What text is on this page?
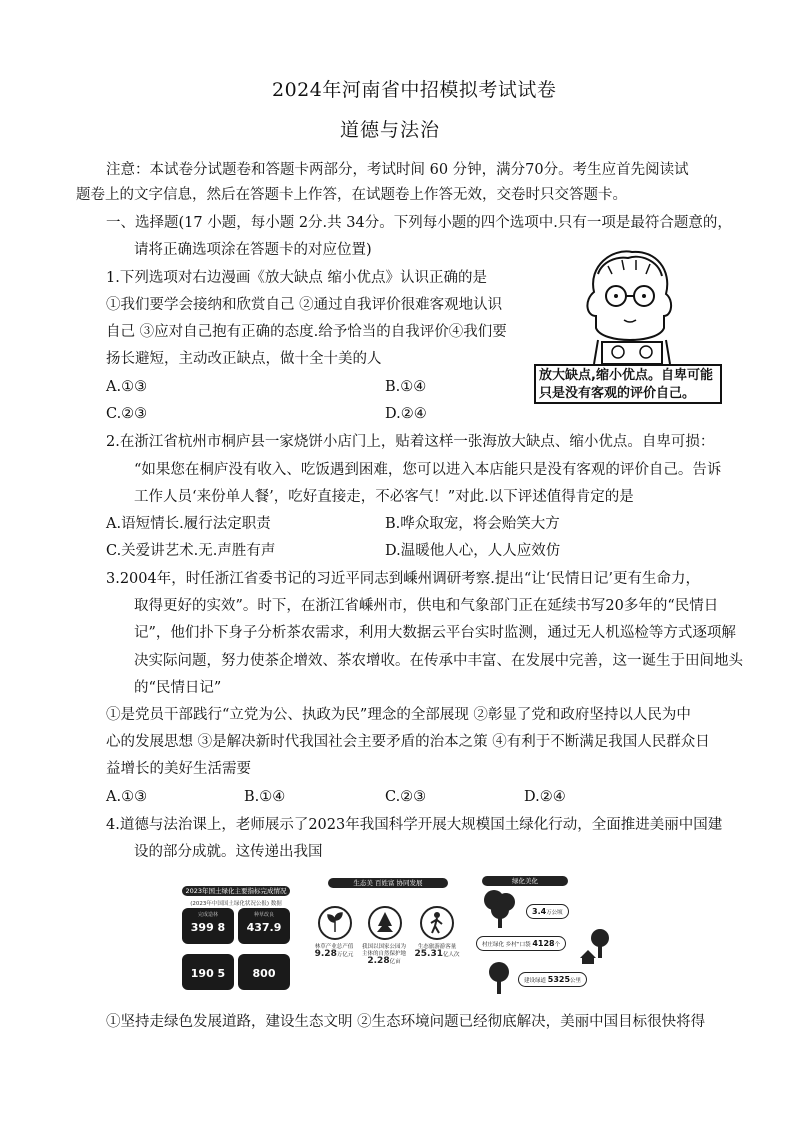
2024年河南省中招模拟考试试卷
道德与法治
注意：本试卷分试题卷和答题卡两部分，考试时间 60 分钟，满分70分。考生应首先阅读试
题卷上的文字信息，然后在答题卡上作答，在试题卷上作答无效，交卷时只交答题卡。
一、选择题(17 小题，每小题 2分.共 34分。下列每小题的四个选项中.只有一项是最符合题意的，
请将正确选项涂在答题卡的对应位置)
1.下列选项对右边漫画《放大缺点 缩小优点》认识正确的是
①我们要学会接纳和欣赏自己 ②通过自我评价很难客观地认识
自己 ③应对自己抱有正确的态度.给予恰当的自我评价④我们要
扬长避短，主动改正缺点，做十全十美的人
A.①③	B.①④
C.②③	D.②④
放大缺点,缩小优点。自卑可能只是没有客观的评价自己。
2.在浙江省杭州市桐庐县一家烧饼小店门上，贴着这样一张海放大缺点、缩小优点。自卑可损：
“如果您在桐庐没有收入、吃饭遇到困难，您可以进入本店能只是没有客观的评价自己。告诉
工作人员‘来份单人餐’，吃好直接走，不必客气！”对此.以下评述值得肯定的是
A.语短情长.履行法定职责	B.哗众取宠，将会贻笑大方
C.关爱讲艺术.无.声胜有声	D.温暖他人心，人人应效仿
3.2004年，时任浙江省委书记的习近平同志到嵊州调研考察.提出“让‘民情日记’更有生命力，
取得更好的实效”。时下，在浙江省嵊州市，供电和气象部门正在延续书写20多年的“民情日
记”，他们扑下身子分析茶农需求，利用大数据云平台实时监测，通过无人机巡检等方式逐项解
决实际问题，努力使茶企增效、茶农增收。在传承中丰富、在发展中完善，这一诞生于田间地头
的“民情日记”
①是党员干部践行“立党为公、执政为民”理念的全部展现 ②彰显了党和政府坚持以人民为中
心的发展思想 ③是解决新时代我国社会主要矛盾的治本之策 ④有利于不断满足我国人民群众日
益增长的美好生活需要
A.①③	B.①④	C.②③	D.②④
4.道德与法治课上，老师展示了2023年我国科学开展大规模国土绿化行动，全面推进美丽中国建
设的部分成就。这传递出我国
2023年国土绿化主要指标完成情况
(2023年中国国土绿化状况公报) 数据
完成造林
399 8
种草改良
437.9
190 5	800
生态美 百姓富 协同发展
林草产业总产值
9.28万亿元
我国以国家公园为主体的自然保护地
2.28亿亩
生态旅游游客量
25.31亿人次
绿化美化
3.4万公顷
村庄绿化 乡村“口袋 4128个
建设绿道 5325公里
①坚持走绿色发展道路，建设生态文明 ②生态环境问题已经彻底解决，美丽中国目标很快将得
